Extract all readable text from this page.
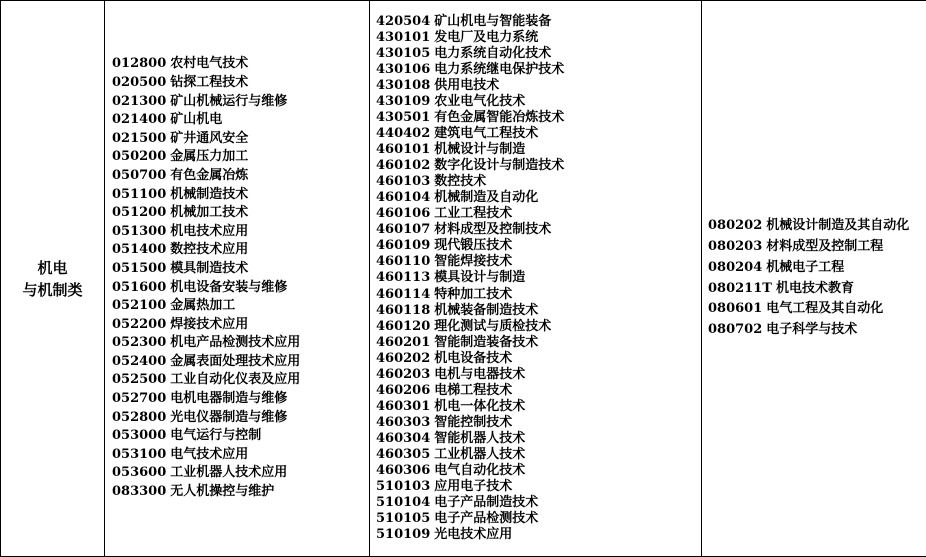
机电
与机制类

012800 农村电气技术
020500 钻探工程技术
021300 矿山机械运行与维修
021400 矿山机电
021500 矿井通风安全
050200 金属压力加工
050700 有色金属冶炼
051100 机械制造技术
051200 机械加工技术
051300 机电技术应用
051400 数控技术应用
051500 模具制造技术
051600 机电设备安装与维修
052100 金属热加工
052200 焊接技术应用
052300 机电产品检测技术应用
052400 金属表面处理技术应用
052500 工业自动化仪表及应用
052700 电机电器制造与维修
052800 光电仪器制造与维修
053000 电气运行与控制
053100 电气技术应用
053600 工业机器人技术应用
083300 无人机操控与维护

420504 矿山机电与智能装备
430101 发电厂及电力系统
430105 电力系统自动化技术
430106 电力系统继电保护技术
430108 供用电技术
430109 农业电气化技术
430501 有色金属智能冶炼技术
440402 建筑电气工程技术
460101 机械设计与制造
460102 数字化设计与制造技术
460103 数控技术
460104 机械制造及自动化
460106 工业工程技术
460107 材料成型及控制技术
460109 现代锻压技术
460110 智能焊接技术
460113 模具设计与制造
460114 特种加工技术
460118 机械装备制造技术
460120 理化测试与质检技术
460201 智能制造装备技术
460202 机电设备技术
460203 电机与电器技术
460206 电梯工程技术
460301 机电一体化技术
460303 智能控制技术
460304 智能机器人技术
460305 工业机器人技术
460306 电气自动化技术
510103 应用电子技术
510104 电子产品制造技术
510105 电子产品检测技术
510109 光电技术应用

080202 机械设计制造及其自动化
080203 材料成型及控制工程
080204 机械电子工程
080211T 机电技术教育
080601 电气工程及其自动化
080702 电子科学与技术
